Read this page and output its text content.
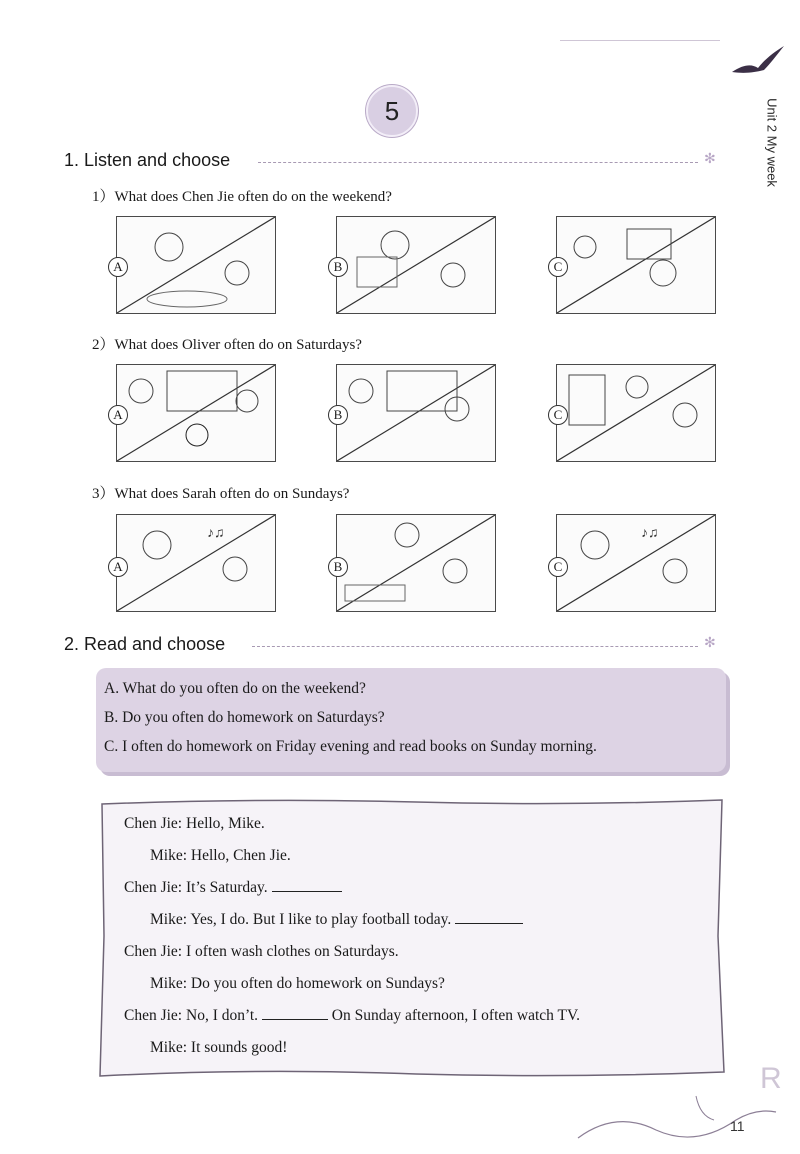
Unit 2 My week
5
1. Listen and choose	✻
1）What does Chen Jie often do on the weekend?
2）What does Oliver often do on Saturdays?
3）What does Sarah often do on Sundays?
A	B	C
A	B	C
♪♫	♪♫
A	B	C
2. Read and choose	✻
A. What do you often do on the weekend?
B. Do you often do homework on Saturdays?
C. I often do homework on Friday evening and read books on Sunday morning.
Chen Jie: Hello, Mike.
Mike: Hello, Chen Jie.
Chen Jie: It’s Saturday.
Mike: Yes, I do. But I like to play football today.
Chen Jie: I often wash clothes on Saturdays.
Mike: Do you often do homework on Sundays?
Chen Jie: No, I don’t.	On Sunday afternoon, I often watch TV.
Mike: It sounds good!
R
11
